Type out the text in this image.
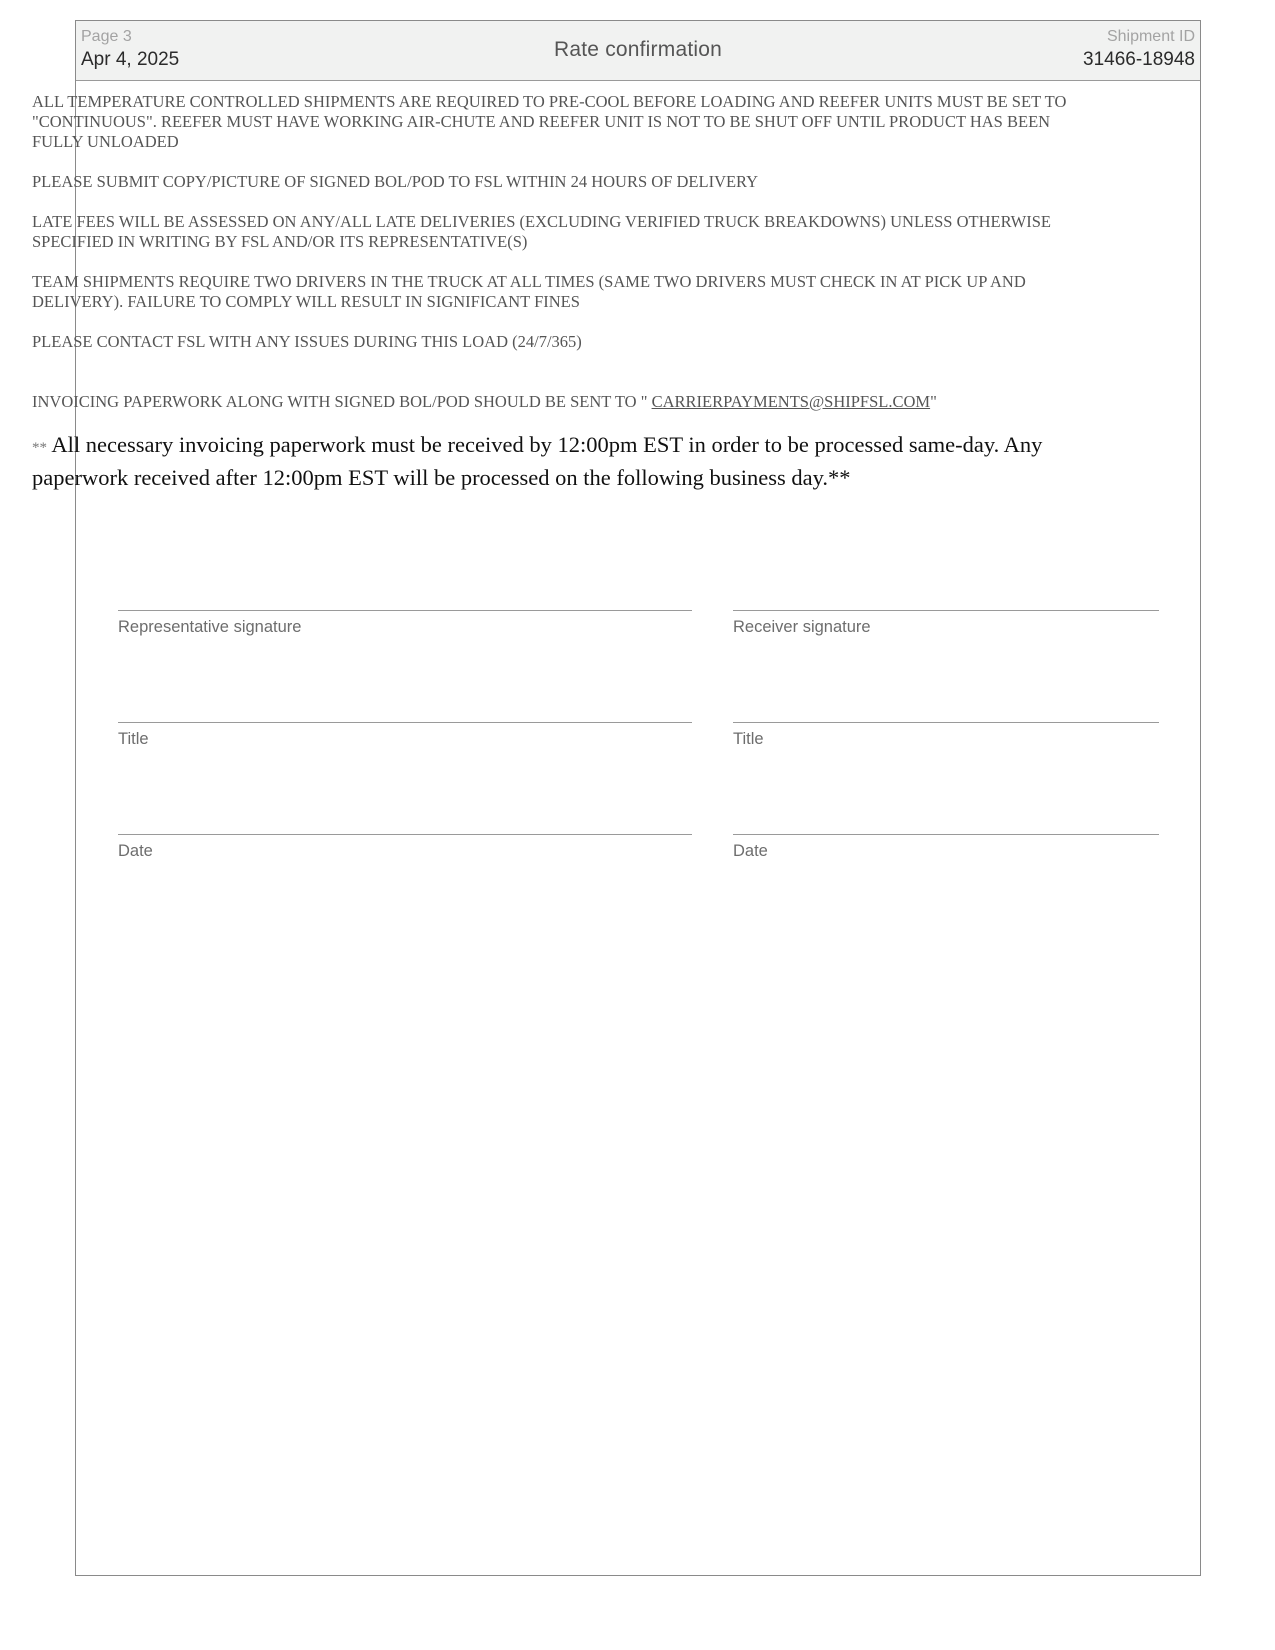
Page 3
Apr 4, 2025	Rate confirmation
Shipment ID
31466-18948

ALL TEMPERATURE CONTROLLED SHIPMENTS ARE REQUIRED TO PRE-COOL BEFORE LOADING AND REEFER UNITS MUST BE SET TO "CONTINUOUS". REEFER MUST HAVE WORKING AIR-CHUTE AND REEFER UNIT IS NOT TO BE SHUT OFF UNTIL PRODUCT HAS BEEN FULLY UNLOADED

PLEASE SUBMIT COPY/PICTURE OF SIGNED BOL/POD TO FSL WITHIN 24 HOURS OF DELIVERY

LATE FEES WILL BE ASSESSED ON ANY/ALL LATE DELIVERIES (EXCLUDING VERIFIED TRUCK BREAKDOWNS) UNLESS OTHERWISE SPECIFIED IN WRITING BY FSL AND/OR ITS REPRESENTATIVE(S)

TEAM SHIPMENTS REQUIRE TWO DRIVERS IN THE TRUCK AT ALL TIMES (SAME TWO DRIVERS MUST CHECK IN AT PICK UP AND DELIVERY). FAILURE TO COMPLY WILL RESULT IN SIGNIFICANT FINES

PLEASE CONTACT FSL WITH ANY ISSUES DURING THIS LOAD (24/7/365)

INVOICING PAPERWORK ALONG WITH SIGNED BOL/POD SHOULD BE SENT TO " CARRIERPAYMENTS@SHIPFSL.COM"
** All necessary invoicing paperwork must be received by 12:00pm EST in order to be processed same-day. Any paperwork received after 12:00pm EST will be processed on the following business day.**
Representative signature
Title
Date
Receiver signature
Title
Date
